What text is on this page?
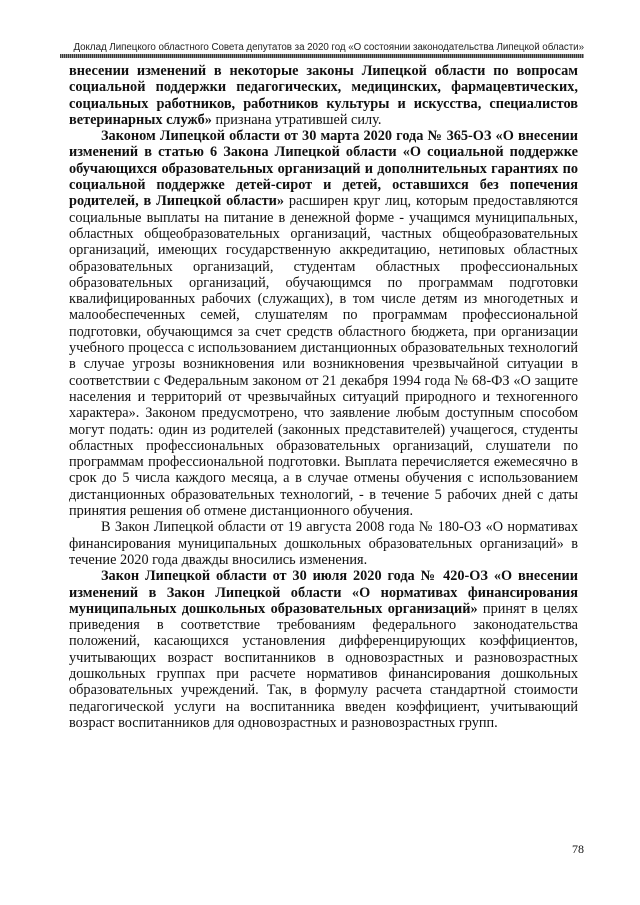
Доклад Липецкого областного Совета депутатов за 2020 год «О состоянии законодательства Липецкой области»

внесении изменений в некоторые законы Липецкой области по вопросам социальной поддержки педагогических, медицинских, фармацевтических, социальных работников, работников культуры и искусства, специалистов ветеринарных служб» признана утратившей силу.

Законом Липецкой области от 30 марта 2020 года № 365-ОЗ «О внесении изменений в статью 6 Закона Липецкой области «О социальной поддержке обучающихся образовательных организаций и дополнительных гарантиях по социальной поддержке детей-сирот и детей, оставшихся без попечения родителей, в Липецкой области» расширен круг лиц, которым предоставляются социальные выплаты на питание в денежной форме - учащимся муниципальных, областных общеобразовательных организаций, частных общеобразовательных организаций, имеющих государственную аккредитацию, нетиповых областных образовательных организаций, студентам областных профессиональных образовательных организаций, обучающимся по программам подготовки квалифицированных рабочих (служащих), в том числе детям из многодетных и малообеспеченных семей, слушателям по программам профессиональной подготовки, обучающимся за счет средств областного бюджета, при организации учебного процесса с использованием дистанционных образовательных технологий в случае угрозы возникновения или возникновения чрезвычайной ситуации в соответствии с Федеральным законом от 21 декабря 1994 года № 68-ФЗ «О защите населения и территорий от чрезвычайных ситуаций природного и техногенного характера». Законом предусмотрено, что заявление любым доступным способом могут подать: один из родителей (законных представителей) учащегося, студенты областных профессиональных образовательных организаций, слушатели по программам профессиональной подготовки. Выплата перечисляется ежемесячно в срок до 5 числа каждого месяца, а в случае отмены обучения с использованием дистанционных образовательных технологий, - в течение 5 рабочих дней с даты принятия решения об отмене дистанционного обучения.

В Закон Липецкой области от 19 августа 2008 года № 180-ОЗ «О нормативах финансирования муниципальных дошкольных образовательных организаций» в течение 2020 года дважды вносились изменения.

Закон Липецкой области от 30 июля 2020 года № 420-ОЗ «О внесении изменений в Закон Липецкой области «О нормативах финансирования муниципальных дошкольных образовательных организаций» принят в целях приведения в соответствие требованиям федерального законодательства положений, касающихся установления дифференцирующих коэффициентов, учитывающих возраст воспитанников в одновозрастных и разновозрастных дошкольных группах при расчете нормативов финансирования дошкольных образовательных учреждений. Так, в формулу расчета стандартной стоимости педагогической услуги на воспитанника введен коэффициент, учитывающий возраст воспитанников для одновозрастных и разновозрастных групп.

78
